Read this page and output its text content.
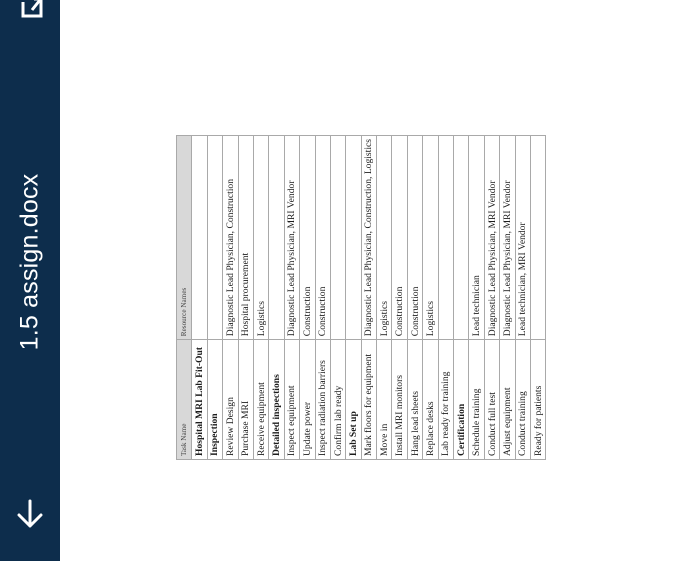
1.5 assign.docx
Task Name	Resource Names
Hospital MRI Lab Fit-Out	
Inspection	
Review Design	Diagnostic Lead Physician, Construction
Purchase MRI	Hospital procurement
Receive equipment	Logistics
Detailed inspections	
Inspect equipment	Diagnostic Lead Physician, MRI Vendor
Update power	Construction
Inspect radiation barriers	Construction
Confirm lab ready	
Lab Set up	
Mark floors for equipment	Diagnostic Lead Physician, Construction, Logistics
Move in	Logistics
Install MRI monitors	Construction
Hang lead sheets	Construction
Replace desks	Logistics
Lab ready for training	
Certification	
Schedule training	Lead technician
Conduct full test	Diagnostic Lead Physician, MRI Vendor
Adjust equipment	Diagnostic Lead Physician, MRI Vendor
Conduct training	Lead technician, MRI Vendor
Ready for patients	
